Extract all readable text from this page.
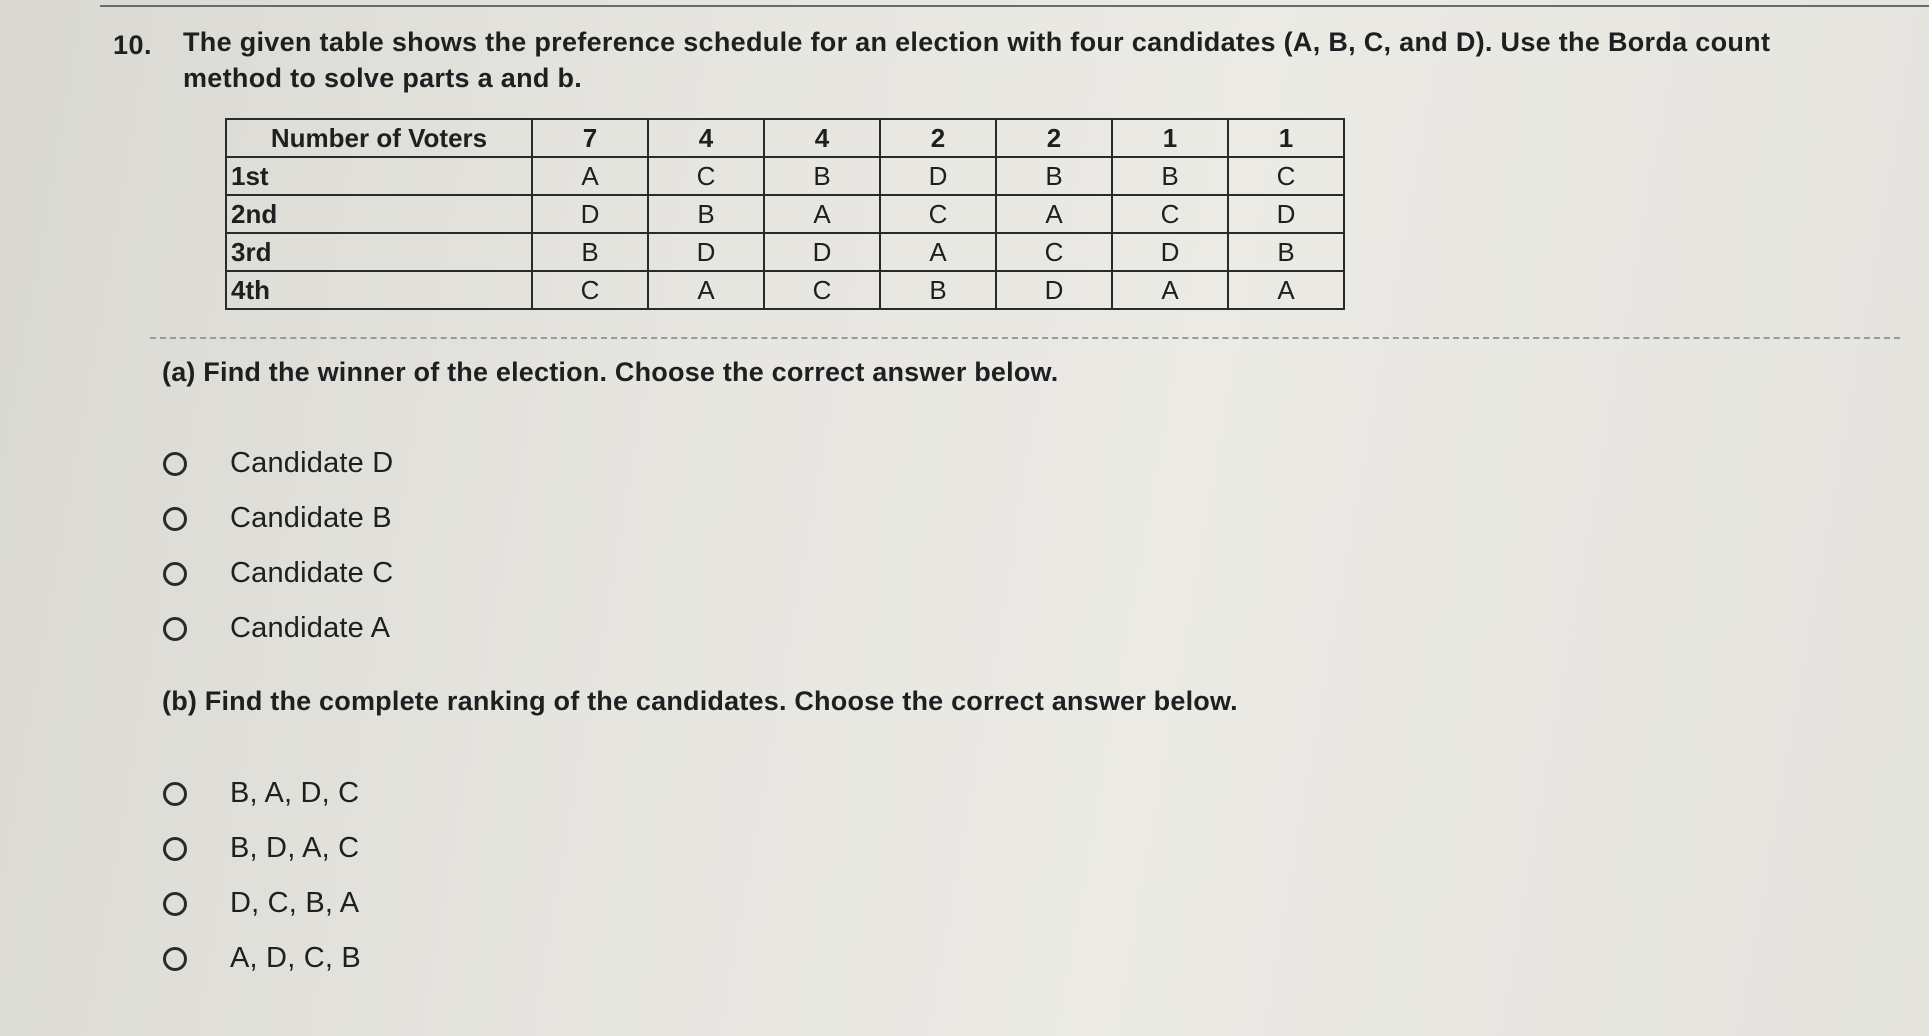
10. The given table shows the preference schedule for an election with four candidates (A, B, C, and D). Use the Borda count
method to solve parts a and b.
Number of Voters	7	4	4	2	2	1	1
1st	A	C	B	D	B	B	C
2nd	D	B	A	C	A	C	D
3rd	B	D	D	A	C	D	B
4th	C	A	C	B	D	A	A
(a) Find the winner of the election. Choose the correct answer below.
Candidate D
Candidate B
Candidate C
Candidate A
(b) Find the complete ranking of the candidates. Choose the correct answer below.
B, A, D, C
B, D, A, C
D, C, B, A
A, D, C, B
